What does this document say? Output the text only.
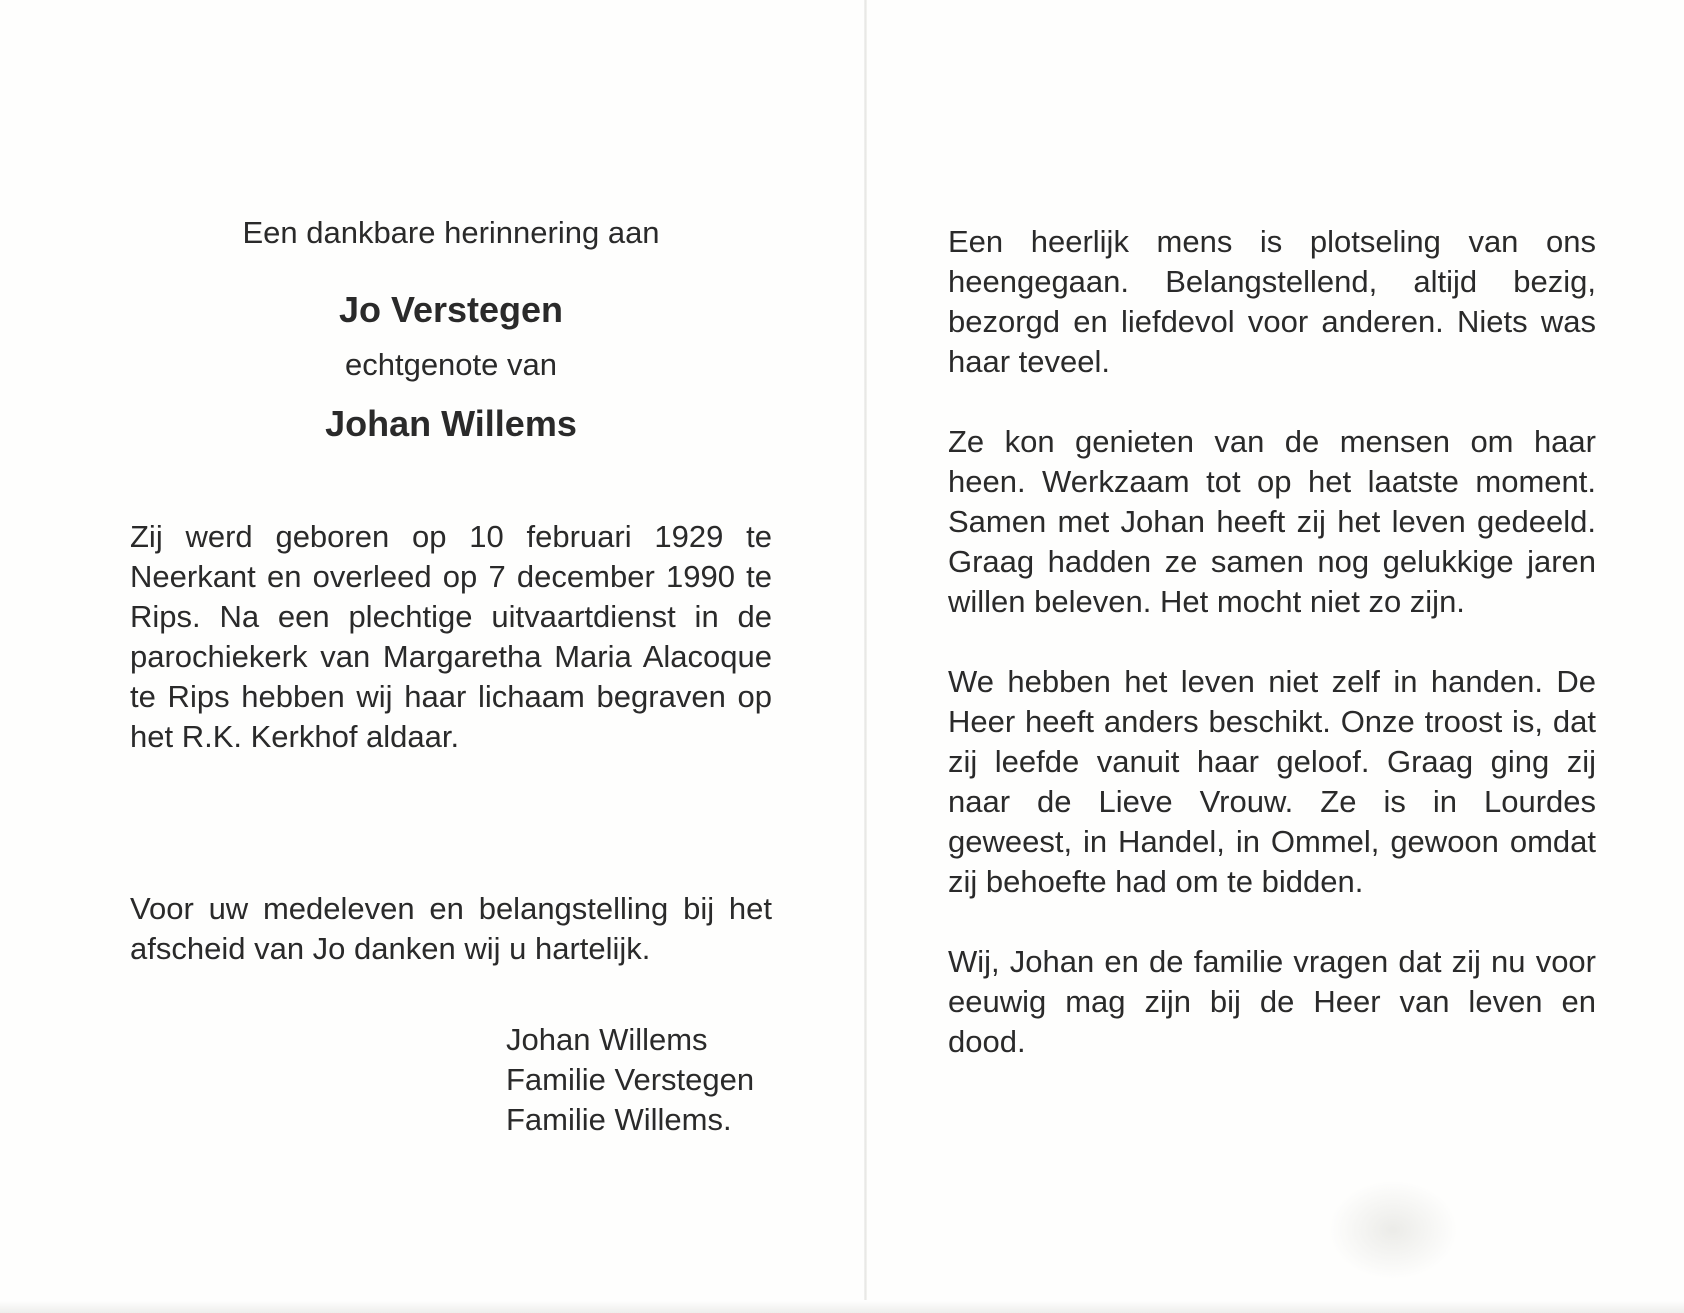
Een dankbare herinnering aan

Jo Verstegen

echtgenote van

Johan Willems

Zij werd geboren op 10 februari 1929 te Neerkant en overleed op 7 december 1990 te Rips. Na een plechtige uitvaartdienst in de parochiekerk van Margaretha Maria Alacoque te Rips hebben wij haar lichaam begraven op het R.K. Kerkhof aldaar.

Voor uw medeleven en belangstelling bij het afscheid van Jo danken wij u hartelijk.

Johan Willems
Familie Verstegen
Familie Willems.

Een heerlijk mens is plotseling van ons heengegaan. Belangstellend, altijd bezig, bezorgd en liefdevol voor anderen. Niets was haar teveel.

Ze kon genieten van de mensen om haar heen. Werkzaam tot op het laatste moment. Samen met Johan heeft zij het leven gedeeld. Graag hadden ze samen nog gelukkige jaren willen beleven. Het mocht niet zo zijn.

We hebben het leven niet zelf in handen. De Heer heeft anders beschikt. Onze troost is, dat zij leefde vanuit haar geloof. Graag ging zij naar de Lieve Vrouw. Ze is in Lourdes geweest, in Handel, in Ommel, gewoon omdat zij behoefte had om te bidden.

Wij, Johan en de familie vragen dat zij nu voor eeuwig mag zijn bij de Heer van leven en dood.
